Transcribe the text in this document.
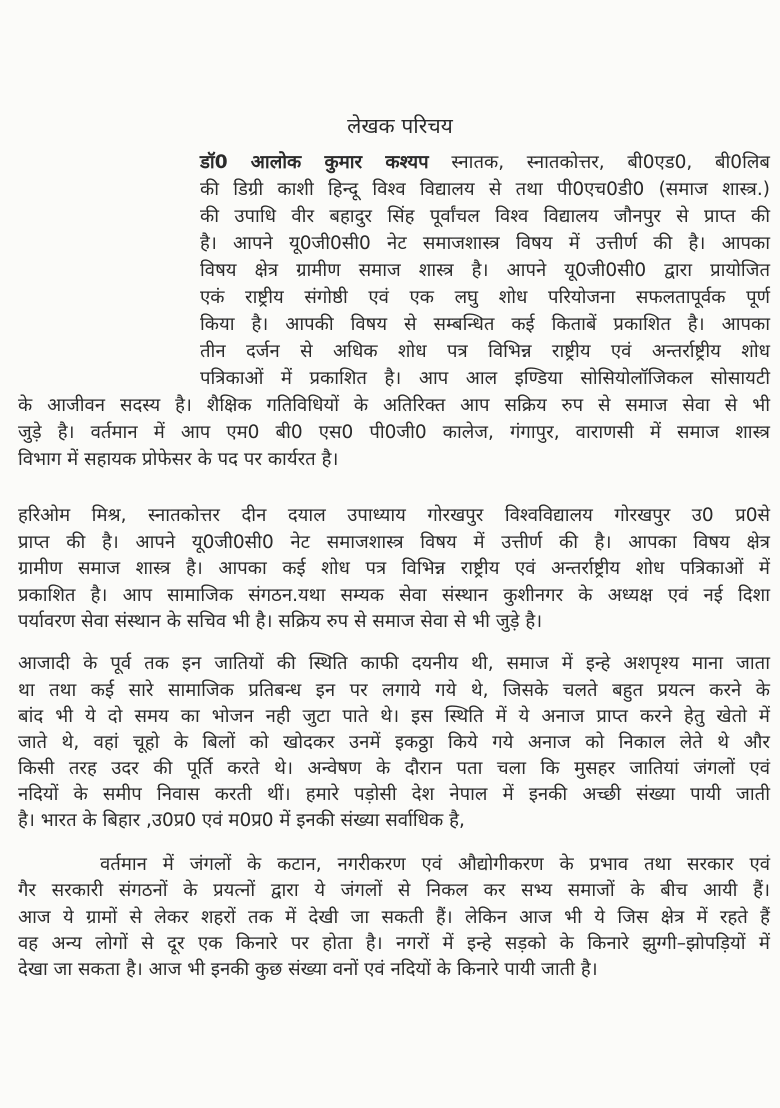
लेखक परिचय
डॉ0 आलोक कुमार कश्यप स्नातक, स्नातकोत्तर, बी0एड0, बी0लिब
की डिग्री काशी हिन्दू विश्व विद्यालय से तथा पी0एच0डी0 (समाज शास्त्र.)
की उपाधि वीर बहादुर सिंह पूर्वांचल विश्व विद्यालय जौनपुर से प्राप्त की
है। आपने यू0जी0सी0 नेट समाजशास्त्र विषय में उत्तीर्ण की है। आपका
विषय क्षेत्र ग्रामीण समाज शास्त्र है। आपने यू0जी0सी0 द्वारा प्रायोजित
एकं राष्ट्रीय संगोष्ठी एवं एक लघु शोध परियोजना सफलतापूर्वक पूर्ण
किया है। आपकी विषय से सम्बन्धित कई किताबें प्रकाशित है। आपका
तीन दर्जन से अधिक शोध पत्र विभिन्न राष्ट्रीय एवं अन्तर्राष्ट्रीय शोध
पत्रिकाओं में प्रकाशित है। आप आल इण्डिया सोसियोलॉजिकल सोसायटी
के आजीवन सदस्य है। शैक्षिक गतिविधियों के अतिरिक्त आप सक्रिय रुप से समाज सेवा से भी
जुड़े है। वर्तमान में आप एम0 बी0 एस0 पी0जी0 कालेज, गंगापुर, वाराणसी में समाज शास्त्र
विभाग में सहायक प्रोफेसर के पद पर कार्यरत है।
हरिओम मिश्र, स्नातकोत्तर दीन दयाल उपाध्याय गोरखपुर विश्वविद्यालय गोरखपुर उ0 प्र0से
प्राप्त की है। आपने यू0जी0सी0 नेट समाजशास्त्र विषय में उत्तीर्ण की है। आपका विषय क्षेत्र
ग्रामीण समाज शास्त्र है। आपका कई शोध पत्र विभिन्न राष्ट्रीय एवं अन्तर्राष्ट्रीय शोध पत्रिकाओं में
प्रकाशित है। आप सामाजिक संगठन.यथा सम्यक सेवा संस्थान कुशीनगर के अध्यक्ष एवं नई दिशा
पर्यावरण सेवा संस्थान के सचिव भी है। सक्रिय रुप से समाज सेवा से भी जुड़े है।
आजादी के पूर्व तक इन जातियों की स्थिति काफी दयनीय थी, समाज में इन्हे अशपृश्य माना जाता
था तथा कई सारे सामाजिक प्रतिबन्ध इन पर लगाये गये थे, जिसके चलते बहुत प्रयत्न करने के
बांद भी ये दो समय का भोजन नही जुटा पाते थे। इस स्थिति में ये अनाज प्राप्त करने हेतु खेतो में
जाते थे, वहां चूहो के बिलों को खोदकर उनमें इकठ्ठा किये गये अनाज को निकाल लेते थे और
किसी तरह उदर की पूर्ति करते थे। अन्वेषण के दौरान पता चला कि मुसहर जातियां जंगलों एवं
नदियों के समीप निवास करती थीं। हमारे पड़ोसी देश नेपाल में इनकी अच्छी संख्या पायी जाती
है। भारत के बिहार ,उ0प्र0 एवं म0प्र0 में इनकी संख्या सर्वाधिक है,
वर्तमान में जंगलों के कटान, नगरीकरण एवं औद्योगीकरण के प्रभाव तथा सरकार एवं
गैर सरकारी संगठनों के प्रयत्नों द्वारा ये जंगलों से निकल कर सभ्य समाजों के बीच आयी हैं।
आज ये ग्रामों से लेकर शहरों तक में देखी जा सकती हैं। लेकिन आज भी ये जिस क्षेत्र में रहते हैं
वह अन्य लोगों से दूर एक किनारे पर होता है। नगरों में इन्हे सड़को के किनारे झुग्गी–झोपड़ियों में
देखा जा सकता है। आज भी इनकी कुछ संख्या वनों एवं नदियों के किनारे पायी जाती है।
